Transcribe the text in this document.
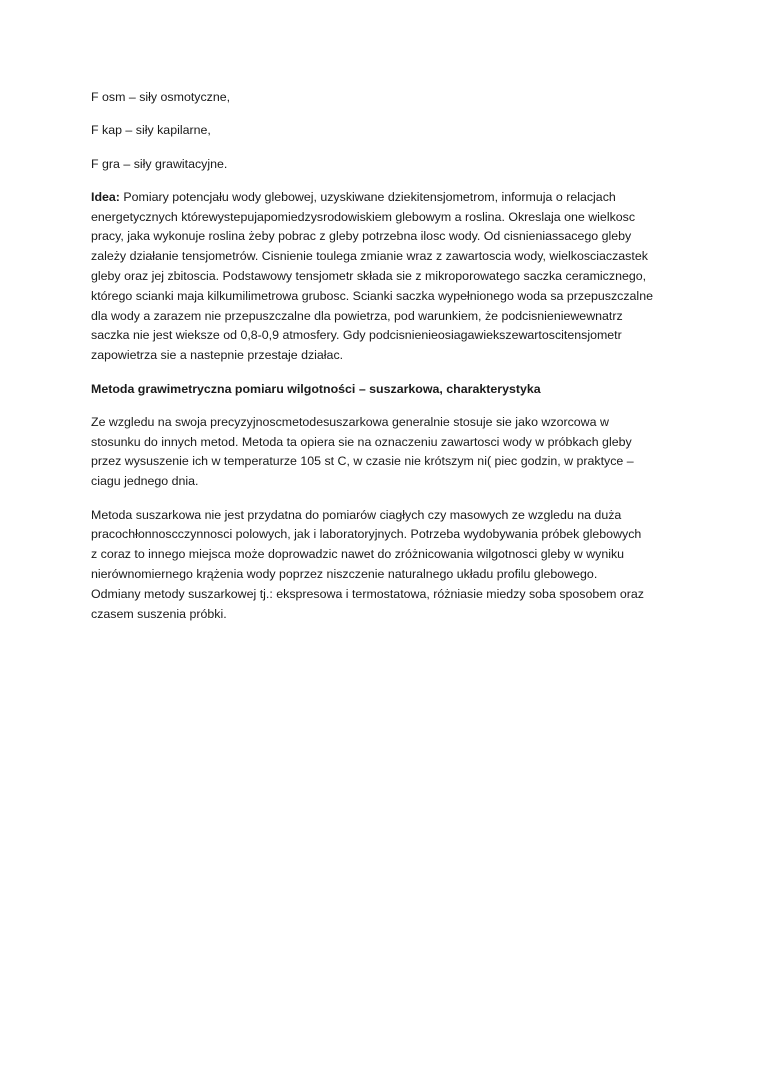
F osm – siły osmotyczne,
F kap – siły kapilarne,
F gra – siły grawitacyjne.
Idea: Pomiary potencjału wody glebowej, uzyskiwane dziekitensjometrom, informuja o relacjach
energetycznych którewystepujapomiedzysrodowiskiem glebowym a roslina. Okreslaja one wielkosc
pracy, jaka wykonuje roslina żeby pobrac z gleby potrzebna ilosc wody. Od cisnieniassacego gleby
zależy działanie tensjometrów. Cisnienie toulega zmianie wraz z zawartoscia wody, wielkosciaczastek
gleby oraz jej zbitoscia. Podstawowy tensjometr składa sie z mikroporowatego saczka ceramicznego,
którego scianki maja kilkumilimetrowa grubosc. Scianki saczka wypełnionego woda sa przepuszczalne
dla wody a zarazem nie przepuszczalne dla powietrza, pod warunkiem, że podcisnieniewewnatrz
saczka nie jest wieksze od 0,8-0,9 atmosfery. Gdy podcisnienieosiagawiekszewartoscitensjometr
zapowietrza sie a nastepnie przestaje działac.
Metoda grawimetryczna pomiaru wilgotności – suszarkowa, charakterystyka
Ze wzgledu na swoja precyzyjnoscmetodesuszarkowa generalnie stosuje sie jako wzorcowa w
stosunku do innych metod. Metoda ta opiera sie na oznaczeniu zawartosci wody w próbkach gleby
przez wysuszenie ich w temperaturze 105 st C, w czasie nie krótszym ni( piec godzin, w praktyce –
ciagu jednego dnia.
Metoda suszarkowa nie jest przydatna do pomiarów ciagłych czy masowych ze wzgledu na duża
pracochłonnoscczynnosci polowych, jak i laboratoryjnych. Potrzeba wydobywania próbek glebowych
z coraz to innego miejsca może doprowadzic nawet do zróżnicowania wilgotnosci gleby w wyniku
nierównomiernego krążenia wody poprzez niszczenie naturalnego układu profilu glebowego.
Odmiany metody suszarkowej tj.: ekspresowa i termostatowa, różniasie miedzy soba sposobem oraz
czasem suszenia próbki.
